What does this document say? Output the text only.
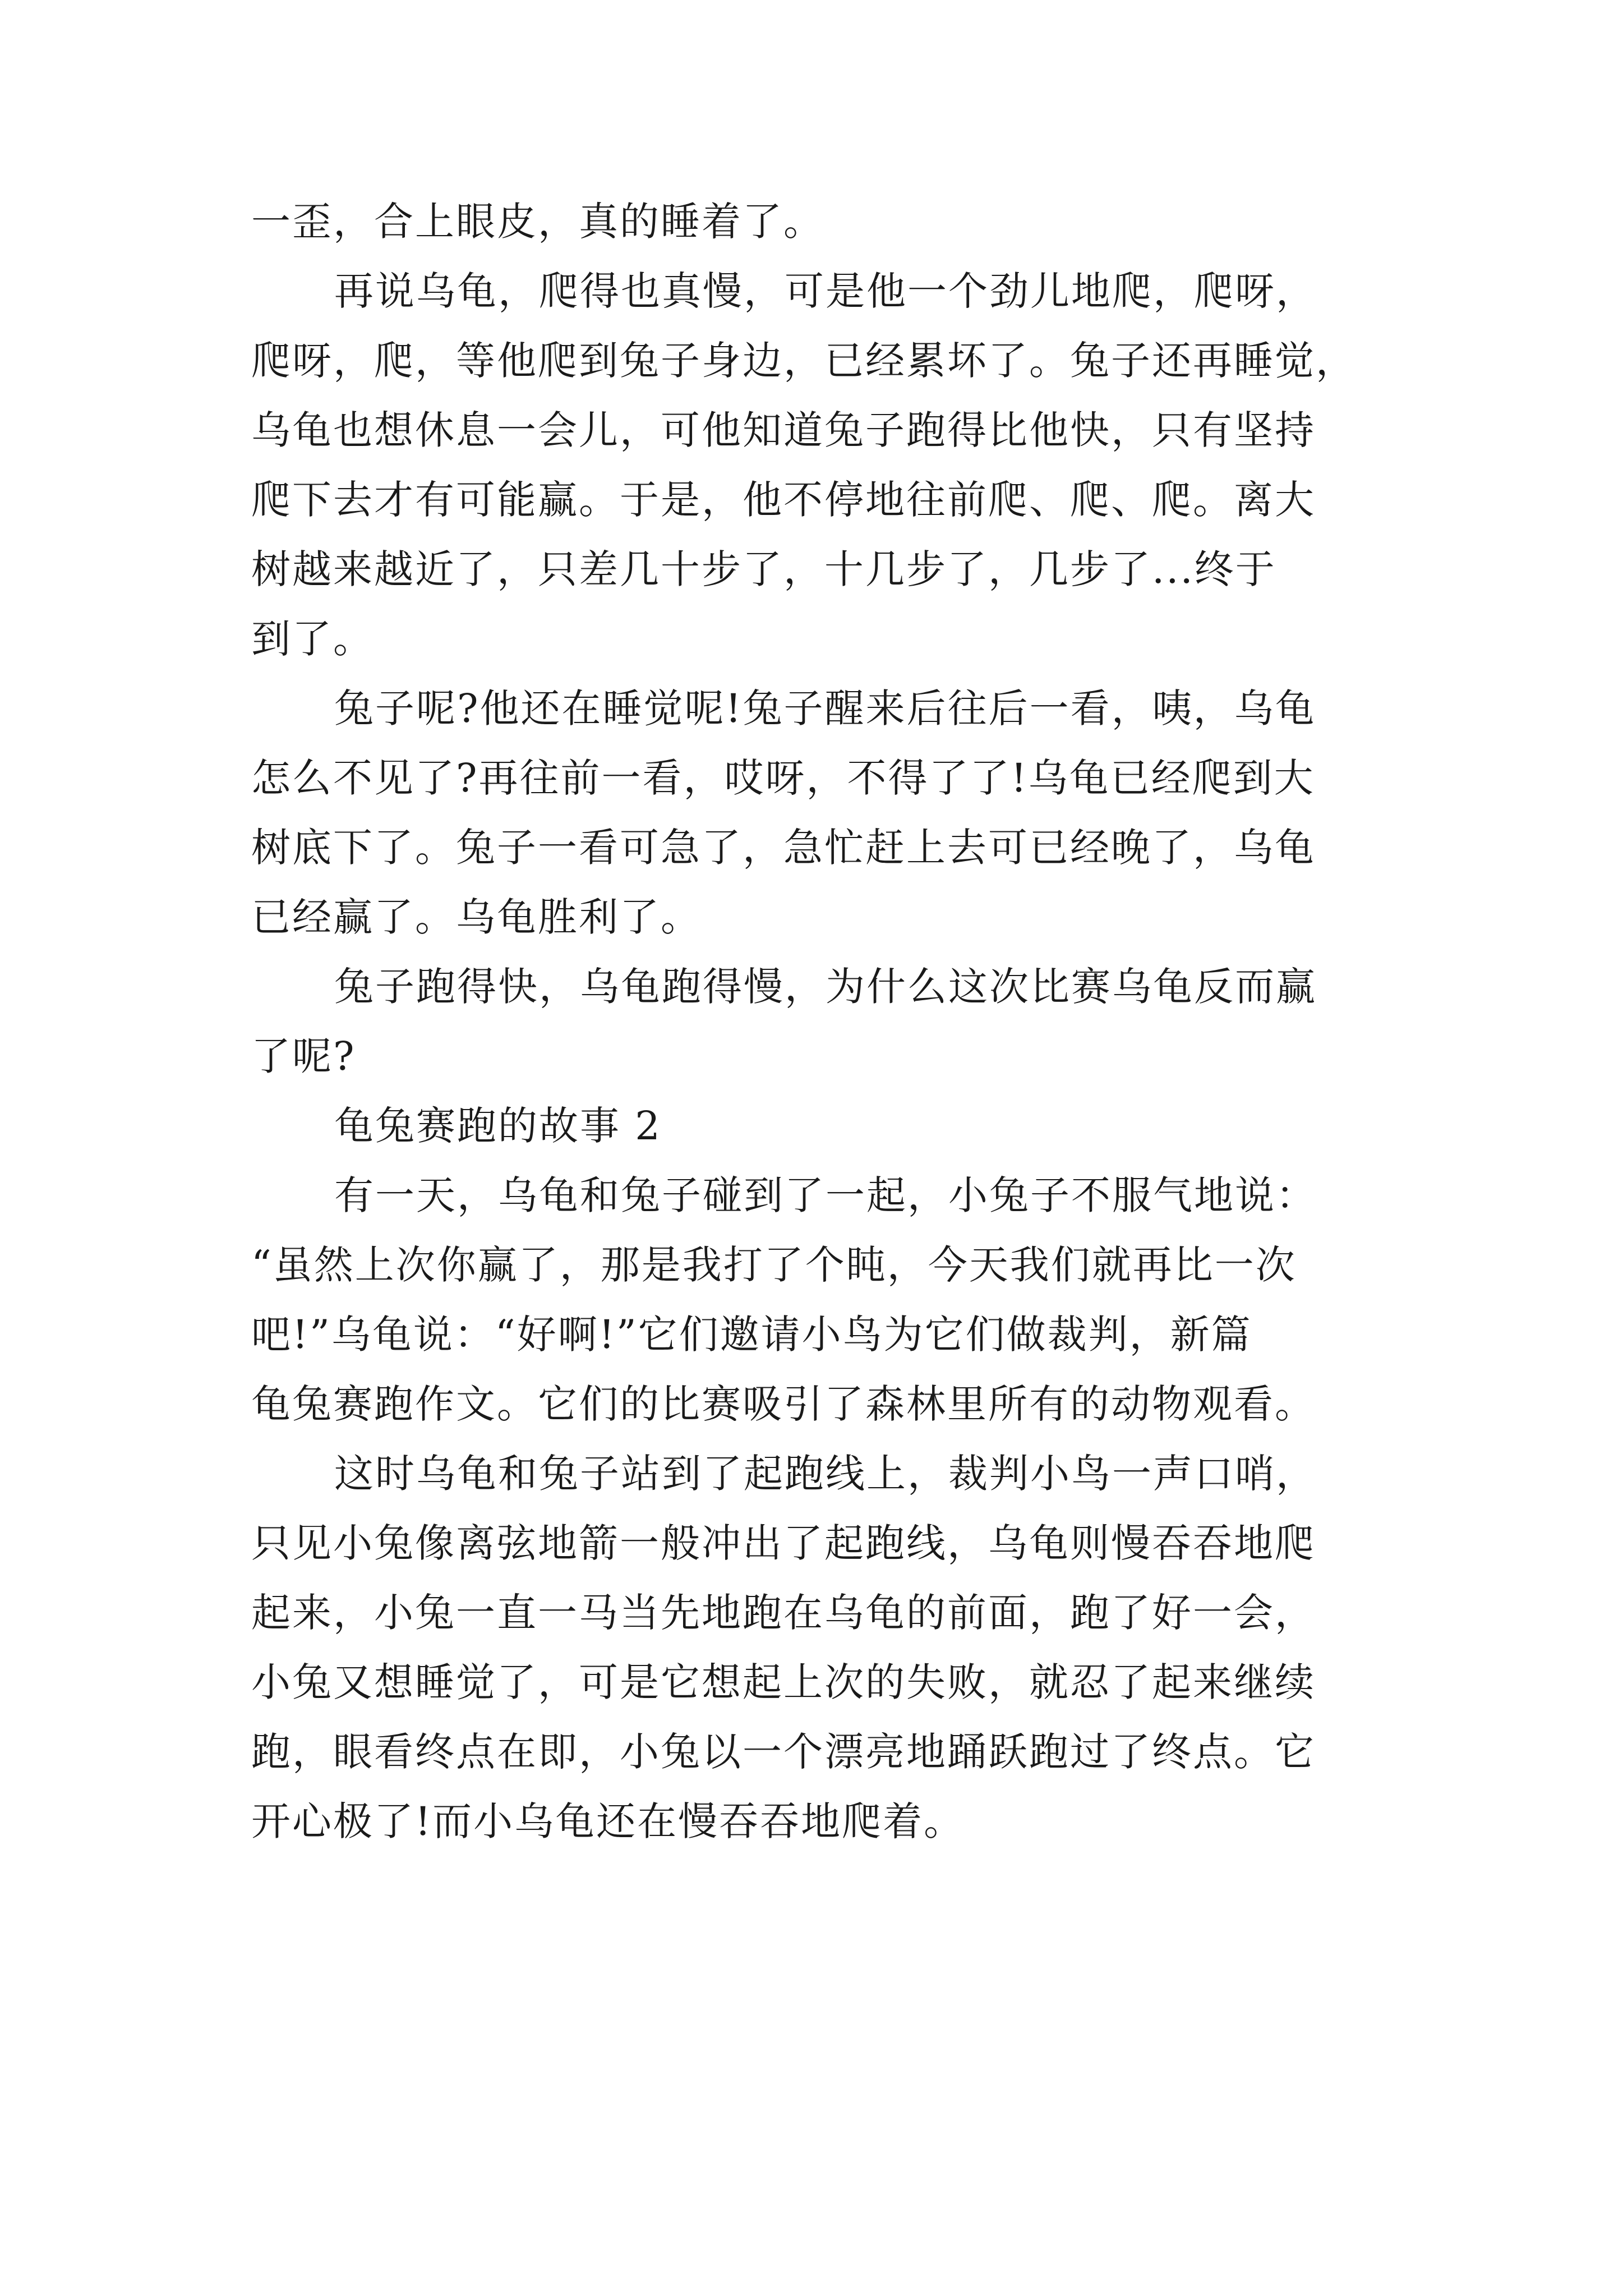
一歪，合上眼皮，真的睡着了。
再说乌龟，爬得也真慢，可是他一个劲儿地爬，爬呀，
爬呀，爬，等他爬到兔子身边，已经累坏了。兔子还再睡觉，
乌龟也想休息一会儿，可他知道兔子跑得比他快，只有坚持
爬下去才有可能赢。于是，他不停地往前爬、爬、爬。离大
树越来越近了，只差几十步了，十几步了，几步了...终于
到了。
兔子呢?他还在睡觉呢!兔子醒来后往后一看，咦，乌龟
怎么不见了?再往前一看，哎呀，不得了了!乌龟已经爬到大
树底下了。兔子一看可急了，急忙赶上去可已经晚了，乌龟
已经赢了。乌龟胜利了。
兔子跑得快，乌龟跑得慢，为什么这次比赛乌龟反而赢
了呢?
龟兔赛跑的故事 2
有一天，乌龟和兔子碰到了一起，小兔子不服气地说：
“虽然上次你赢了，那是我打了个盹，今天我们就再比一次
吧!”乌龟说：“好啊!”它们邀请小鸟为它们做裁判，新篇
龟兔赛跑作文。它们的比赛吸引了森林里所有的动物观看。
这时乌龟和兔子站到了起跑线上，裁判小鸟一声口哨，
只见小兔像离弦地箭一般冲出了起跑线，乌龟则慢吞吞地爬
起来，小兔一直一马当先地跑在乌龟的前面，跑了好一会，
小兔又想睡觉了，可是它想起上次的失败，就忍了起来继续
跑，眼看终点在即，小兔以一个漂亮地踊跃跑过了终点。它
开心极了!而小乌龟还在慢吞吞地爬着。
